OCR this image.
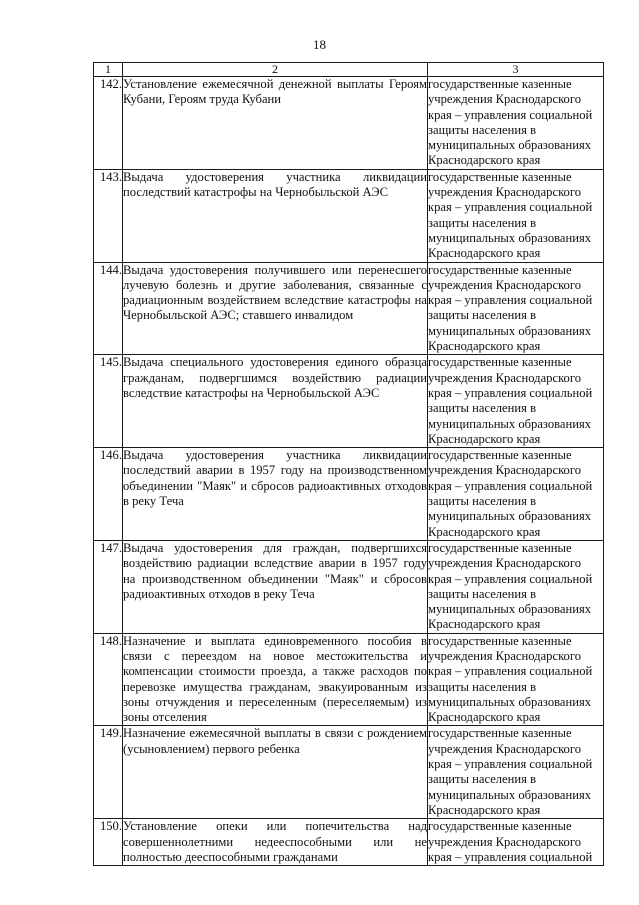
18
1	2	3
142.	Установление ежемесячной денежной выплаты Героям Кубани, Героям труда Кубани	государственные казенные учреждения Краснодарского края – управления социальной защиты населения в муниципальных образованиях Краснодарского края
143.	Выдача удостоверения участника ликвидации последствий катастрофы на Чернобыльской АЭС	государственные казенные учреждения Краснодарского края – управления социальной защиты населения в муниципальных образованиях Краснодарского края
144.	Выдача удостоверения получившего или перенесшего лучевую болезнь и другие заболевания, связанные с радиационным воздействием вследствие катастрофы на Чернобыльской АЭС; ставшего инвалидом	государственные казенные учреждения Краснодарского края – управления социальной защиты населения в муниципальных образованиях Краснодарского края
145.	Выдача специального удостоверения единого образца гражданам, подвергшимся воздействию радиации вследствие катастрофы на Чернобыльской АЭС	государственные казенные учреждения Краснодарского края – управления социальной защиты населения в муниципальных образованиях Краснодарского края
146.	Выдача удостоверения участника ликвидации последствий аварии в 1957 году на производственном объединении "Маяк" и сбросов радиоактивных отходов в реку Теча	государственные казенные учреждения Краснодарского края – управления социальной защиты населения в муниципальных образованиях Краснодарского края
147.	Выдача удостоверения для граждан, подвергшихся воздействию радиации вследствие аварии в 1957 году на производственном объединении "Маяк" и сбросов радиоактивных отходов в реку Теча	государственные казенные учреждения Краснодарского края – управления социальной защиты населения в муниципальных образованиях Краснодарского края
148.	Назначение и выплата единовременного пособия в связи с переездом на новое местожительства и компенсации стоимости проезда, а также расходов по перевозке имущества гражданам, эвакуированным из зоны отчуждения и переселенным (переселяемым) из зоны отселения	государственные казенные учреждения Краснодарского края – управления социальной защиты населения в муниципальных образованиях Краснодарского края
149.	Назначение ежемесячной выплаты в связи с рождением (усыновлением) первого ребенка	государственные казенные учреждения Краснодарского края – управления социальной защиты населения в муниципальных образованиях Краснодарского края
150.	Установление опеки или попечительства над совершеннолетними недееспособными или не полностью дееспособными гражданами	государственные казенные учреждения Краснодарского края – управления социальной
